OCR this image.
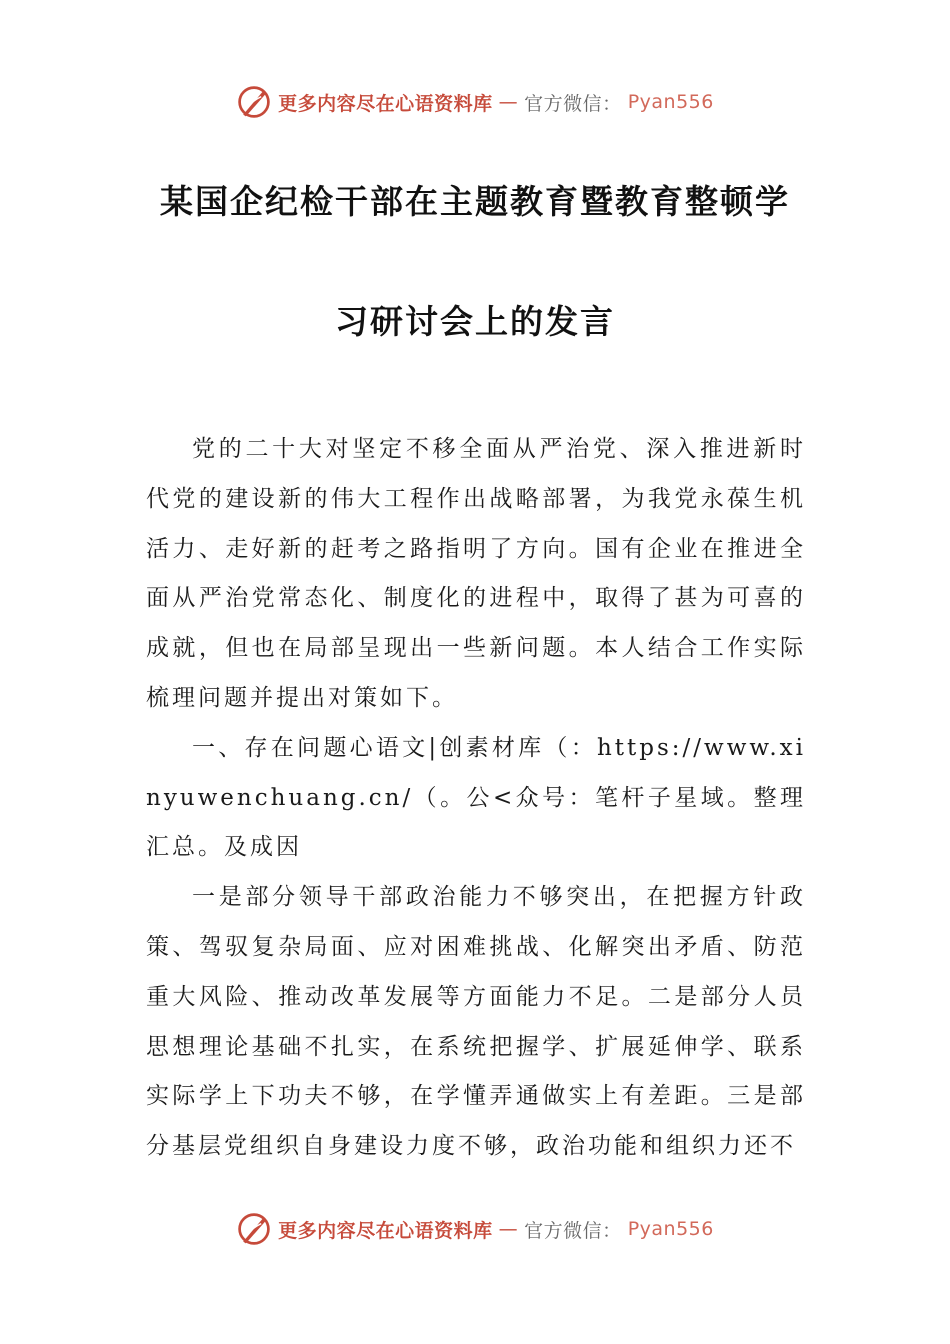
更多内容尽在心语资料库 — 官方微信： Pyan556
某国企纪检干部在主题教育暨教育整顿学
习研讨会上的发言

党的二十大对坚定不移全面从严治党、深入推进新时代党的建设新的伟大工程作出战略部署，为我党永葆生机活力、走好新的赶考之路指明了方向。国有企业在推进全面从严治党常态化、制度化的进程中，取得了甚为可喜的成就，但也在局部呈现出一些新问题。本人结合工作实际梳理问题并提出对策如下。

一、存在问题心语文|创素材库（：https://www.xinyuwenchuang.cn/（。公<众号：笔杆子星域。整理汇总。及成因

一是部分领导干部政治能力不够突出，在把握方针政策、驾驭复杂局面、应对困难挑战、化解突出矛盾、防范重大风险、推动改革发展等方面能力不足。二是部分人员思想理论基础不扎实，在系统把握学、扩展延伸学、联系实际学上下功夫不够，在学懂弄通做实上有差距。三是部分基层党组织自身建设力度不够，政治功能和组织力还不

更多内容尽在心语资料库 — 官方微信： Pyan556
